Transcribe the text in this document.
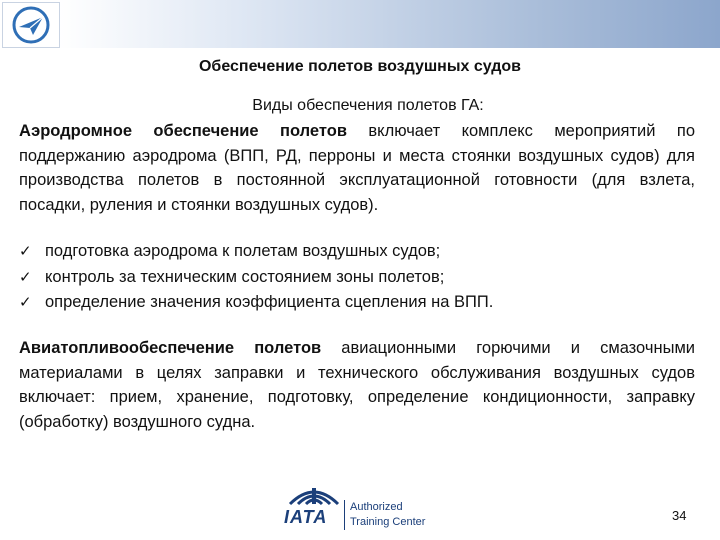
Обеспечение полетов воздушных судов
Виды обеспечения полетов ГА:
Аэродромное обеспечение полетов включает комплекс мероприятий по поддержанию аэродрома (ВПП, РД, перроны и места стоянки воздушных судов) для производства полетов в постоянной эксплуатационной готовности (для взлета, посадки, руления и стоянки воздушных судов).
✓ подготовка аэродрома к полетам воздушных судов;
✓ контроль за техническим состоянием зоны полетов;
✓ определение значения коэффициента сцепления на ВПП.
Авиатопливообеспечение полетов авиационными горючими и смазочными материалами в целях заправки и технического обслуживания воздушных судов включает: прием, хранение, подготовку, определение кондиционности, заправку (обработку) воздушного судна.
IATA Authorized
Training Center	34
